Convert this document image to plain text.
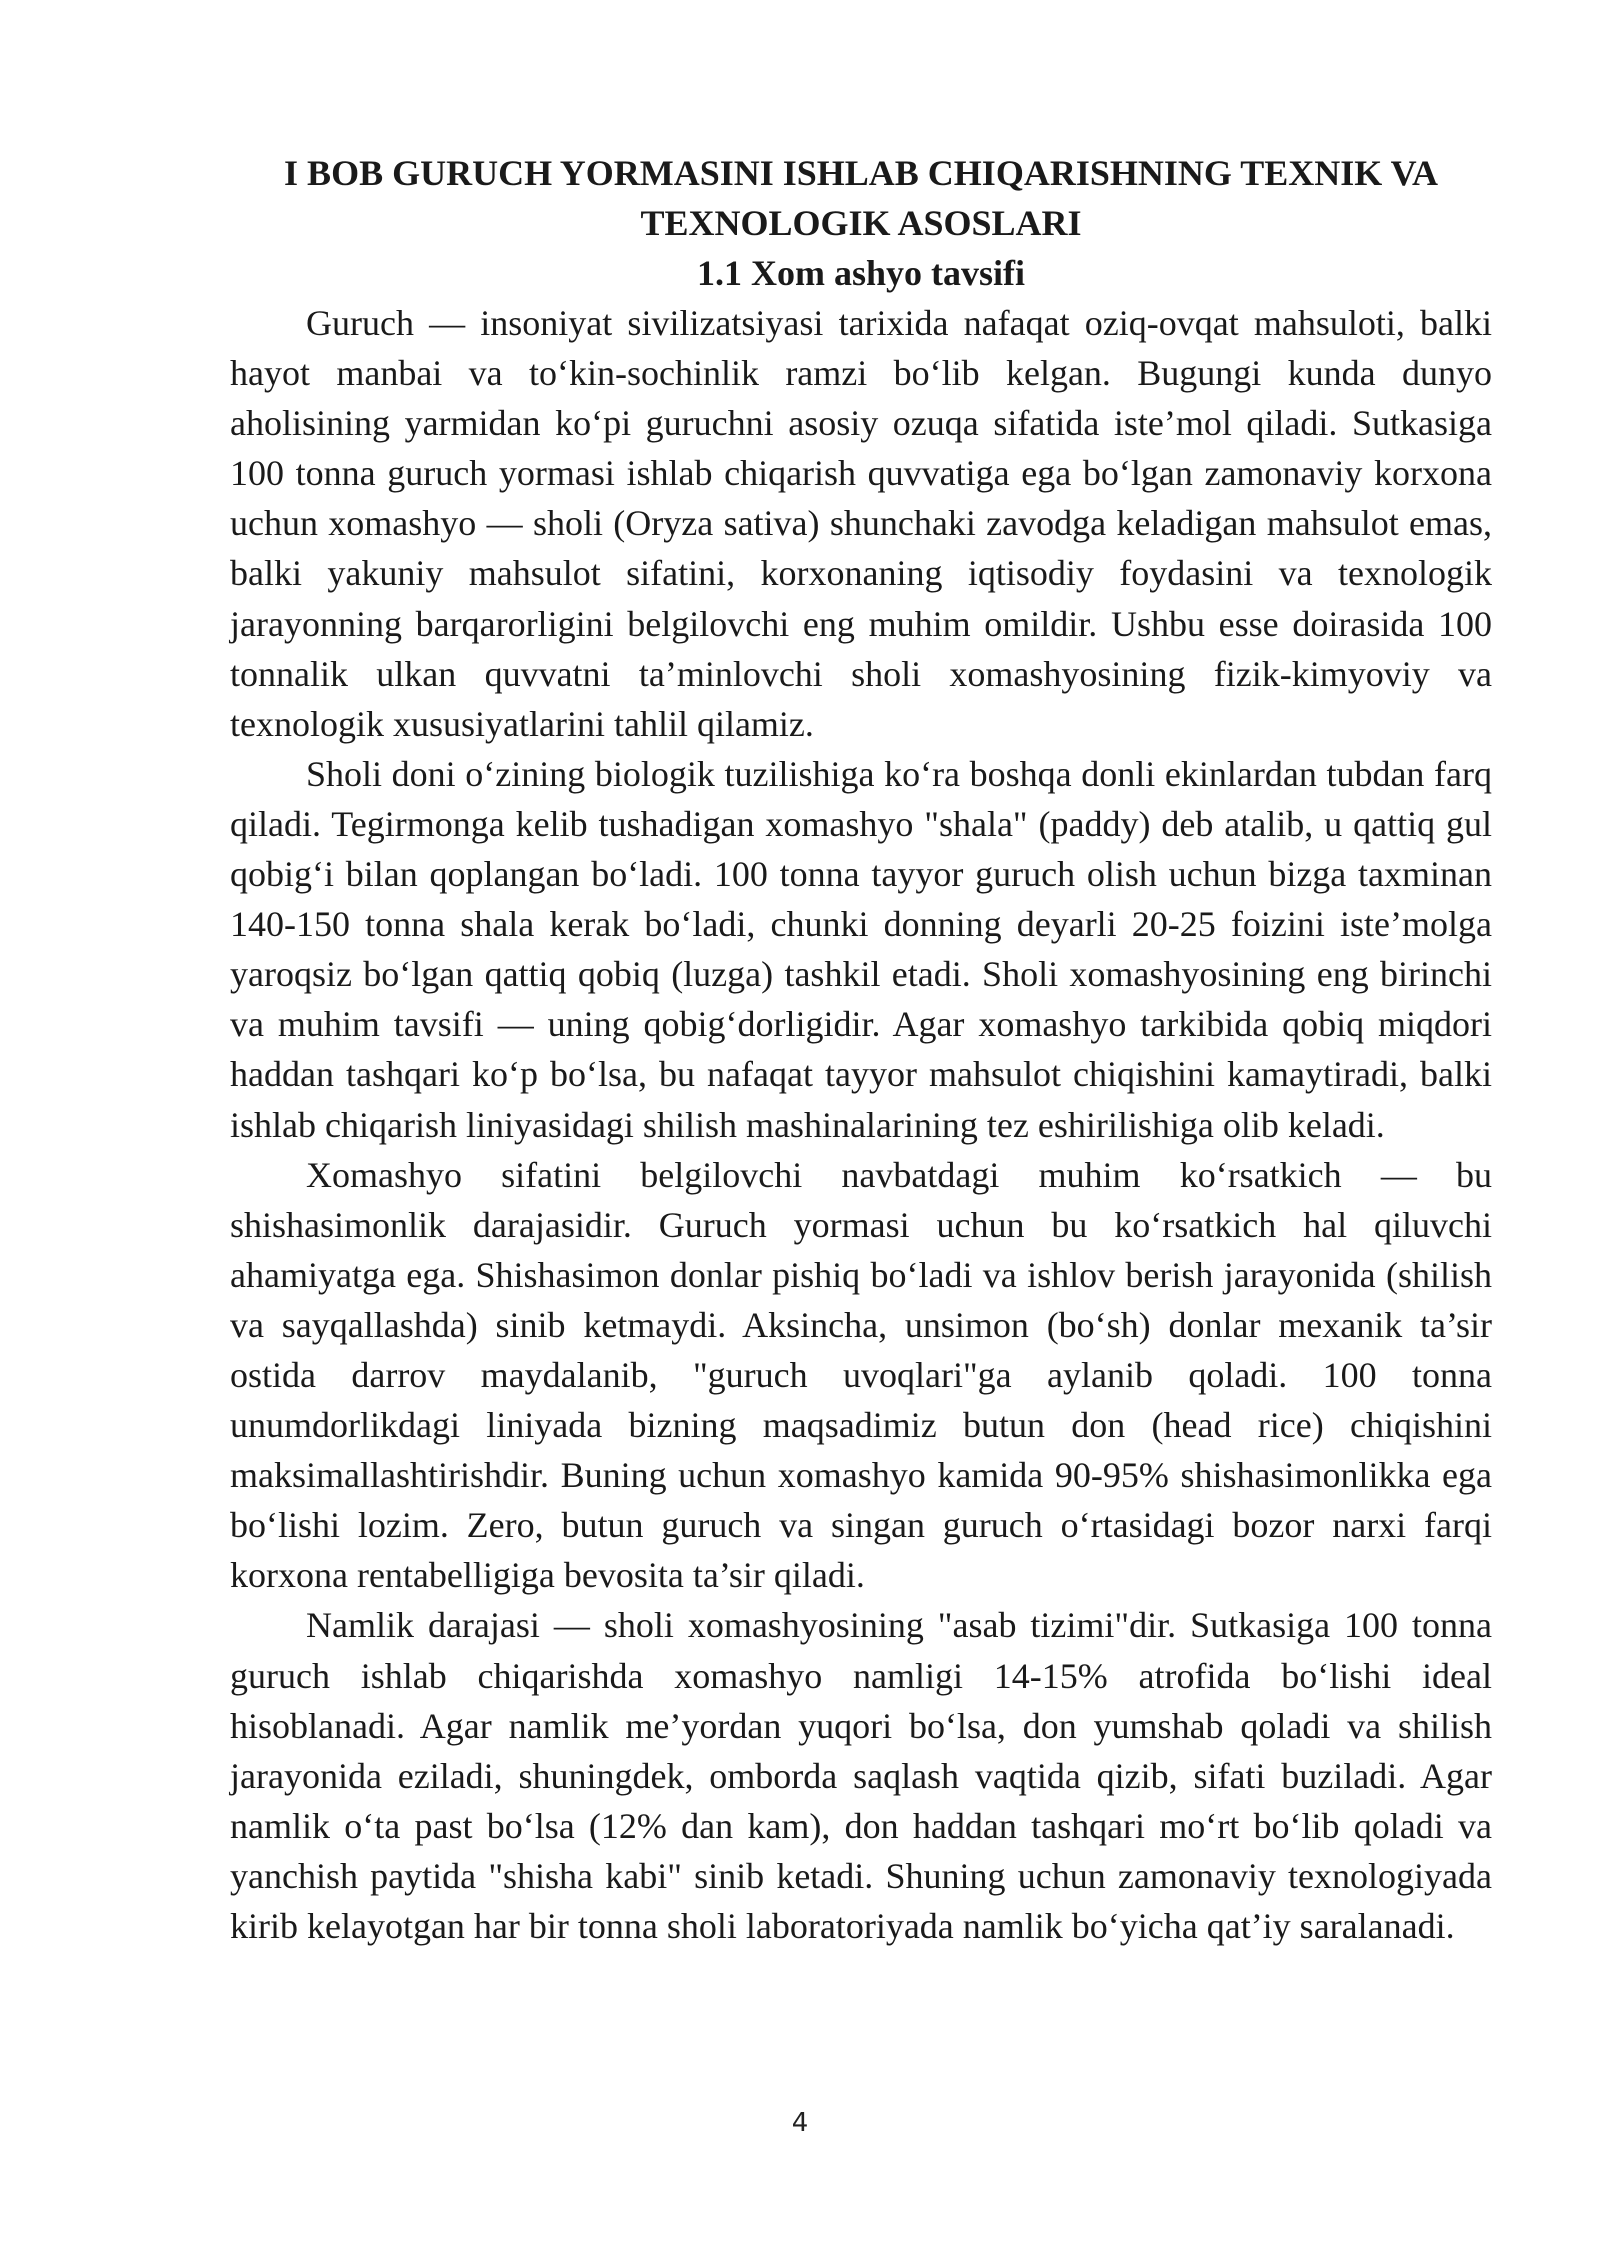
I BOB GURUCH YORMASINI ISHLAB CHIQARISHNING TEXNIK VA
TEXNOLOGIK ASOSLARI
1.1 Xom ashyo tavsifi

Guruch — insoniyat sivilizatsiyasi tarixida nafaqat oziq-ovqat mahsuloti, balki hayot manbai va to‘kin-sochinlik ramzi bo‘lib kelgan. Bugungi kunda dunyo aholisining yarmidan ko‘pi guruchni asosiy ozuqa sifatida iste’mol qiladi. Sutkasiga 100 tonna guruch yormasi ishlab chiqarish quvvatiga ega bo‘lgan zamonaviy korxona uchun xomashyo — sholi (Oryza sativa) shunchaki zavodga keladigan mahsulot emas, balki yakuniy mahsulot sifatini, korxonaning iqtisodiy foydasini va texnologik jarayonning barqarorligini belgilovchi eng muhim omildir. Ushbu esse doirasida 100 tonnalik ulkan quvvatni ta’minlovchi sholi xomashyosining fizik-kimyoviy va texnologik xususiyatlarini tahlil qilamiz.

Sholi doni o‘zining biologik tuzilishiga ko‘ra boshqa donli ekinlardan tubdan farq qiladi. Tegirmonga kelib tushadigan xomashyo "shala" (paddy) deb atalib, u qattiq gul qobig‘i bilan qoplangan bo‘ladi. 100 tonna tayyor guruch olish uchun bizga taxminan 140-150 tonna shala kerak bo‘ladi, chunki donning deyarli 20-25 foizini iste’molga yaroqsiz bo‘lgan qattiq qobiq (luzga) tashkil etadi. Sholi xomashyosining eng birinchi va muhim tavsifi — uning qobig‘dorligidir. Agar xomashyo tarkibida qobiq miqdori haddan tashqari ko‘p bo‘lsa, bu nafaqat tayyor mahsulot chiqishini kamaytiradi, balki ishlab chiqarish liniyasidagi shilish mashinalarining tez eshirilishiga olib keladi.

Xomashyo sifatini belgilovchi navbatdagi muhim ko‘rsatkich — bu shishasimonlik darajasidir. Guruch yormasi uchun bu ko‘rsatkich hal qiluvchi ahamiyatga ega. Shishasimon donlar pishiq bo‘ladi va ishlov berish jarayonida (shilish va sayqallashda) sinib ketmaydi. Aksincha, unsimon (bo‘sh) donlar mexanik ta’sir ostida darrov maydalanib, "guruch uvoqlari"ga aylanib qoladi. 100 tonna unumdorlikdagi liniyada bizning maqsadimiz butun don (head rice) chiqishini maksimallashtirishdir. Buning uchun xomashyo kamida 90-95% shishasimonlikka ega bo‘lishi lozim. Zero, butun guruch va singan guruch o‘rtasidagi bozor narxi farqi korxona rentabelligiga bevosita ta’sir qiladi.

Namlik darajasi — sholi xomashyosining "asab tizimi"dir. Sutkasiga 100 tonna guruch ishlab chiqarishda xomashyo namligi 14-15% atrofida bo‘lishi ideal hisoblanadi. Agar namlik me’yordan yuqori bo‘lsa, don yumshab qoladi va shilish jarayonida eziladi, shuningdek, omborda saqlash vaqtida qizib, sifati buziladi. Agar namlik o‘ta past bo‘lsa (12% dan kam), don haddan tashqari mo‘rt bo‘lib qoladi va yanchish paytida "shisha kabi" sinib ketadi. Shuning uchun zamonaviy texnologiyada kirib kelayotgan har bir tonna sholi laboratoriyada namlik bo‘yicha qat’iy saralanadi.

4
